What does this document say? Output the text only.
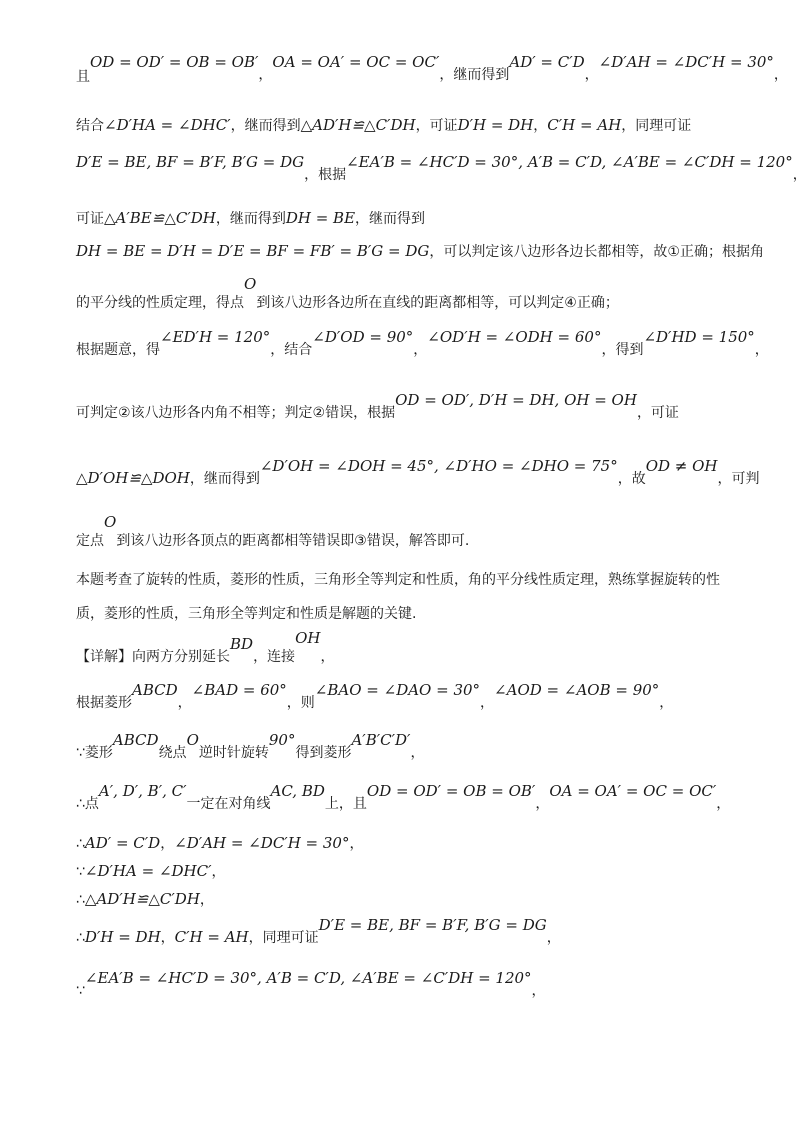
且OD = OD′ = OB = OB′，OA = OA′ = OC = OC′，继而得到AD′ = C′D，∠D′AH = ∠DC′H = 30°，
结合∠D′HA = ∠DHC′，继而得到△AD′H≌△C′DH，可证D′H = DH，C′H = AH，同理可证
D′E = BE, BF = B′F, B′G = DG，根据∠EA′B = ∠HC′D = 30°, A′B = C′D, ∠A′BE = ∠C′DH = 120°，
可证△A′BE≌△C′DH，继而得到DH = BE，继而得到
DH = BE = D′H = D′E = BF = FB′ = B′G = DG，可以判定该八边形各边长都相等，故①正确；根据角
的平分线的性质定理，得点O到该八边形各边所在直线的距离都相等，可以判定④正确；
根据题意，得∠ED′H = 120°，结合∠D′OD = 90°，∠OD′H = ∠ODH = 60°，得到∠D′HD = 150°，
可判定②该八边形各内角不相等；判定②错误，根据OD = OD′, D′H = DH, OH = OH，可证
△D′OH≌△DOH，继而得到∠D′OH = ∠DOH = 45°, ∠D′HO = ∠DHO = 75°，故OD ≠ OH，可判
定点O到该八边形各顶点的距离都相等错误即③错误，解答即可.
本题考查了旋转的性质，菱形的性质，三角形全等判定和性质，角的平分线性质定理，熟练掌握旋转的性
质，菱形的性质，三角形全等判定和性质是解题的关键.
【详解】向两方分别延长BD，连接OH，
根据菱形ABCD，∠BAD = 60°，则∠BAO = ∠DAO = 30°，∠AOD = ∠AOB = 90°，
∵菱形ABCD绕点O逆时针旋转90°得到菱形A′B′C′D′，
∴点A′, D′, B′, C′一定在对角线AC, BD上，且OD = OD′ = OB = OB′，OA = OA′ = OC = OC′，
∴AD′ = C′D，∠D′AH = ∠DC′H = 30°，
∵∠D′HA = ∠DHC′，
∴△AD′H≌△C′DH，
∴D′H = DH，C′H = AH，同理可证D′E = BE, BF = B′F, B′G = DG，
∵∠EA′B = ∠HC′D = 30°, A′B = C′D, ∠A′BE = ∠C′DH = 120°，
